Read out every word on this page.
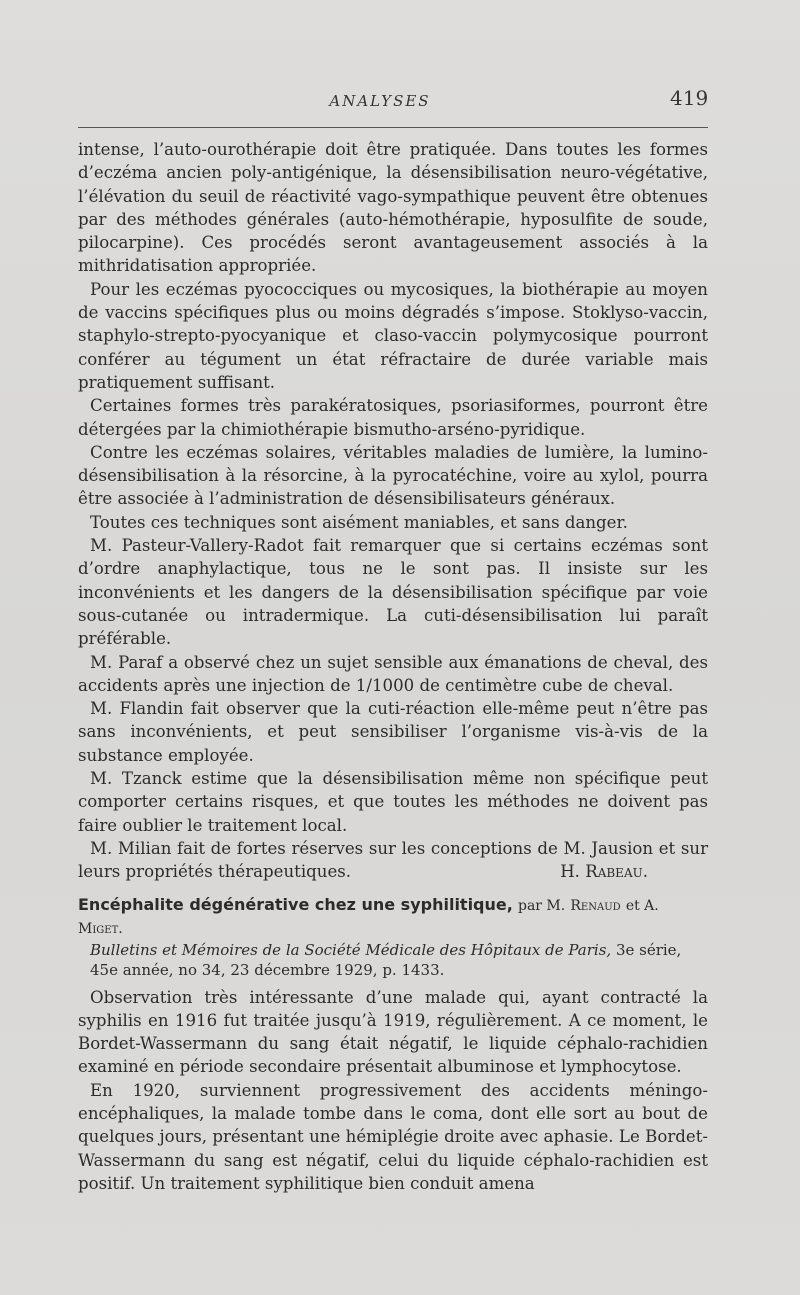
ANALYSES	419

intense, l’auto-ourothérapie doit être pratiquée. Dans toutes les formes d’eczéma ancien poly-antigénique, la désensibilisation neuro-végétative, l’élévation du seuil de réactivité vago-sympathique peuvent être obtenues par des méthodes générales (auto-hémothérapie, hyposulfite de soude, pilocarpine). Ces procédés seront avantageusement associés à la mithridatisation appropriée.

Pour les eczémas pyococciques ou mycosiques, la biothérapie au moyen de vaccins spécifiques plus ou moins dégradés s’impose. Stoklyso-vaccin, staphylo-strepto-pyocyanique et claso-vaccin polymycosique pourront conférer au tégument un état réfractaire de durée variable mais pratiquement suffisant.

Certaines formes très parakératosiques, psoriasiformes, pourront être détergées par la chimiothérapie bismutho-arséno-pyridique.

Contre les eczémas solaires, véritables maladies de lumière, la lumino-désensibilisation à la résorcine, à la pyrocatéchine, voire au xylol, pourra être associée à l’administration de désensibilisateurs généraux.

Toutes ces techniques sont aisément maniables, et sans danger.

M. Pasteur-Vallery-Radot fait remarquer que si certains eczémas sont d’ordre anaphylactique, tous ne le sont pas. Il insiste sur les inconvénients et les dangers de la désensibilisation spécifique par voie sous-cutanée ou intradermique. La cuti-désensibilisation lui paraît préférable.

M. Paraf a observé chez un sujet sensible aux émanations de cheval, des accidents après une injection de 1/1000 de centimètre cube de cheval.

M. Flandin fait observer que la cuti-réaction elle-même peut n’être pas sans inconvénients, et peut sensibiliser l’organisme vis-à-vis de la substance employée.

M. Tzanck estime que la désensibilisation même non spécifique peut comporter certains risques, et que toutes les méthodes ne doivent pas faire oublier le traitement local.

M. Milian fait de fortes réserves sur les conceptions de M. Jausion et sur leurs propriétés thérapeutiques.	H. Rabeau.

Encéphalite dégénérative chez une syphilitique, par M. Renaud et A. Miget.
Bulletins et Mémoires de la Société Médicale des Hôpitaux de Paris, 3e série, 45e année, no 34, 23 décembre 1929, p. 1433.

Observation très intéressante d’une malade qui, ayant contracté la syphilis en 1916 fut traitée jusqu’à 1919, régulièrement. A ce moment, le Bordet-Wassermann du sang était négatif, le liquide céphalo-rachidien examiné en période secondaire présentait albuminose et lymphocytose.

En 1920, surviennent progressivement des accidents méningo-encéphaliques, la malade tombe dans le coma, dont elle sort au bout de quelques jours, présentant une hémiplégie droite avec aphasie. Le Bordet-Wassermann du sang est négatif, celui du liquide céphalo-rachidien est positif. Un traitement syphilitique bien conduit amena
